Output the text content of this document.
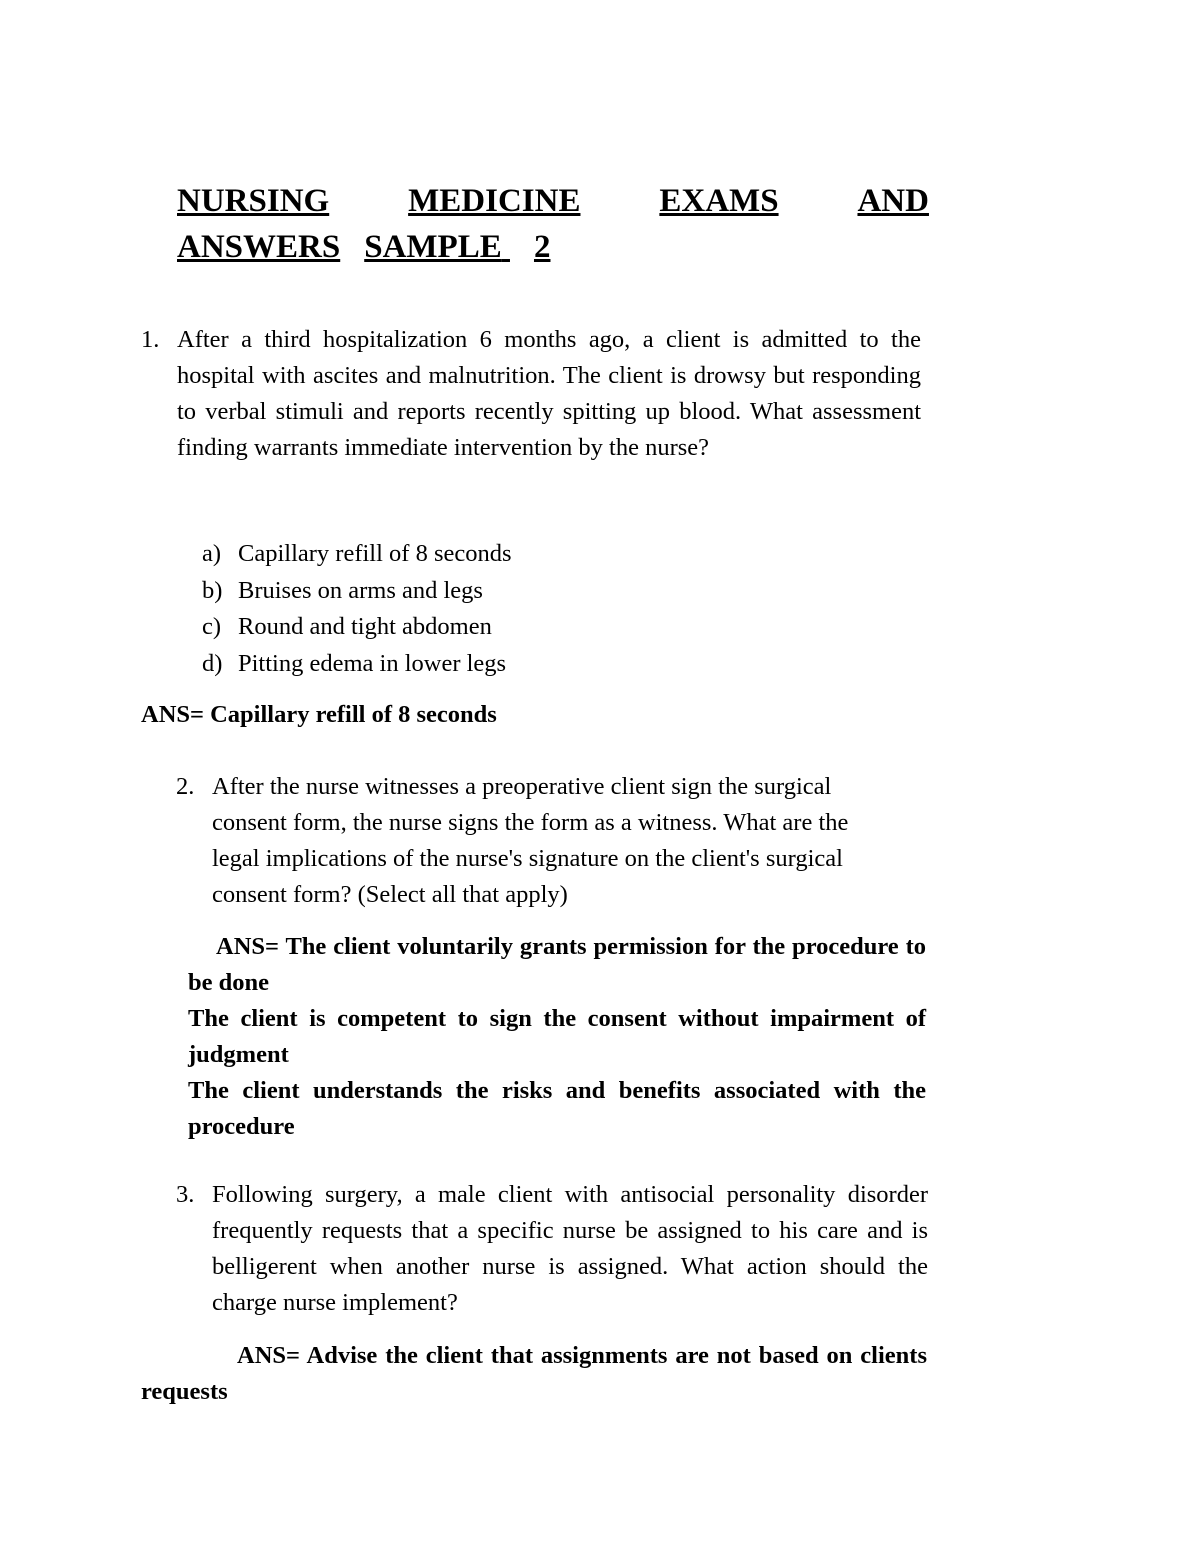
NURSING MEDICINE EXAMS AND
ANSWERS SAMPLE 2
1. After a third hospitalization 6 months ago, a client is admitted to the hospital with ascites and malnutrition. The client is drowsy but responding to verbal stimuli and reports recently spitting up blood. What assessment finding warrants immediate intervention by the nurse?
a) Capillary refill of 8 seconds
b) Bruises on arms and legs
c) Round and tight abdomen
d) Pitting edema in lower legs
ANS= Capillary refill of 8 seconds
2. After the nurse witnesses a preoperative client sign the surgical consent form, the nurse signs the form as a witness. What are the legal implications of the nurse's signature on the client's surgical consent form? (Select all that apply)

ANS= The client voluntarily grants permission for the procedure to be done

The client is competent to sign the consent without impairment of judgment

The client understands the risks and benefits associated with the procedure

3. Following surgery, a male client with antisocial personality disorder frequently requests that a specific nurse be assigned to his care and is belligerent when another nurse is assigned. What action should the charge nurse implement?
ANS= Advise the client that assignments are not based on clients requests
